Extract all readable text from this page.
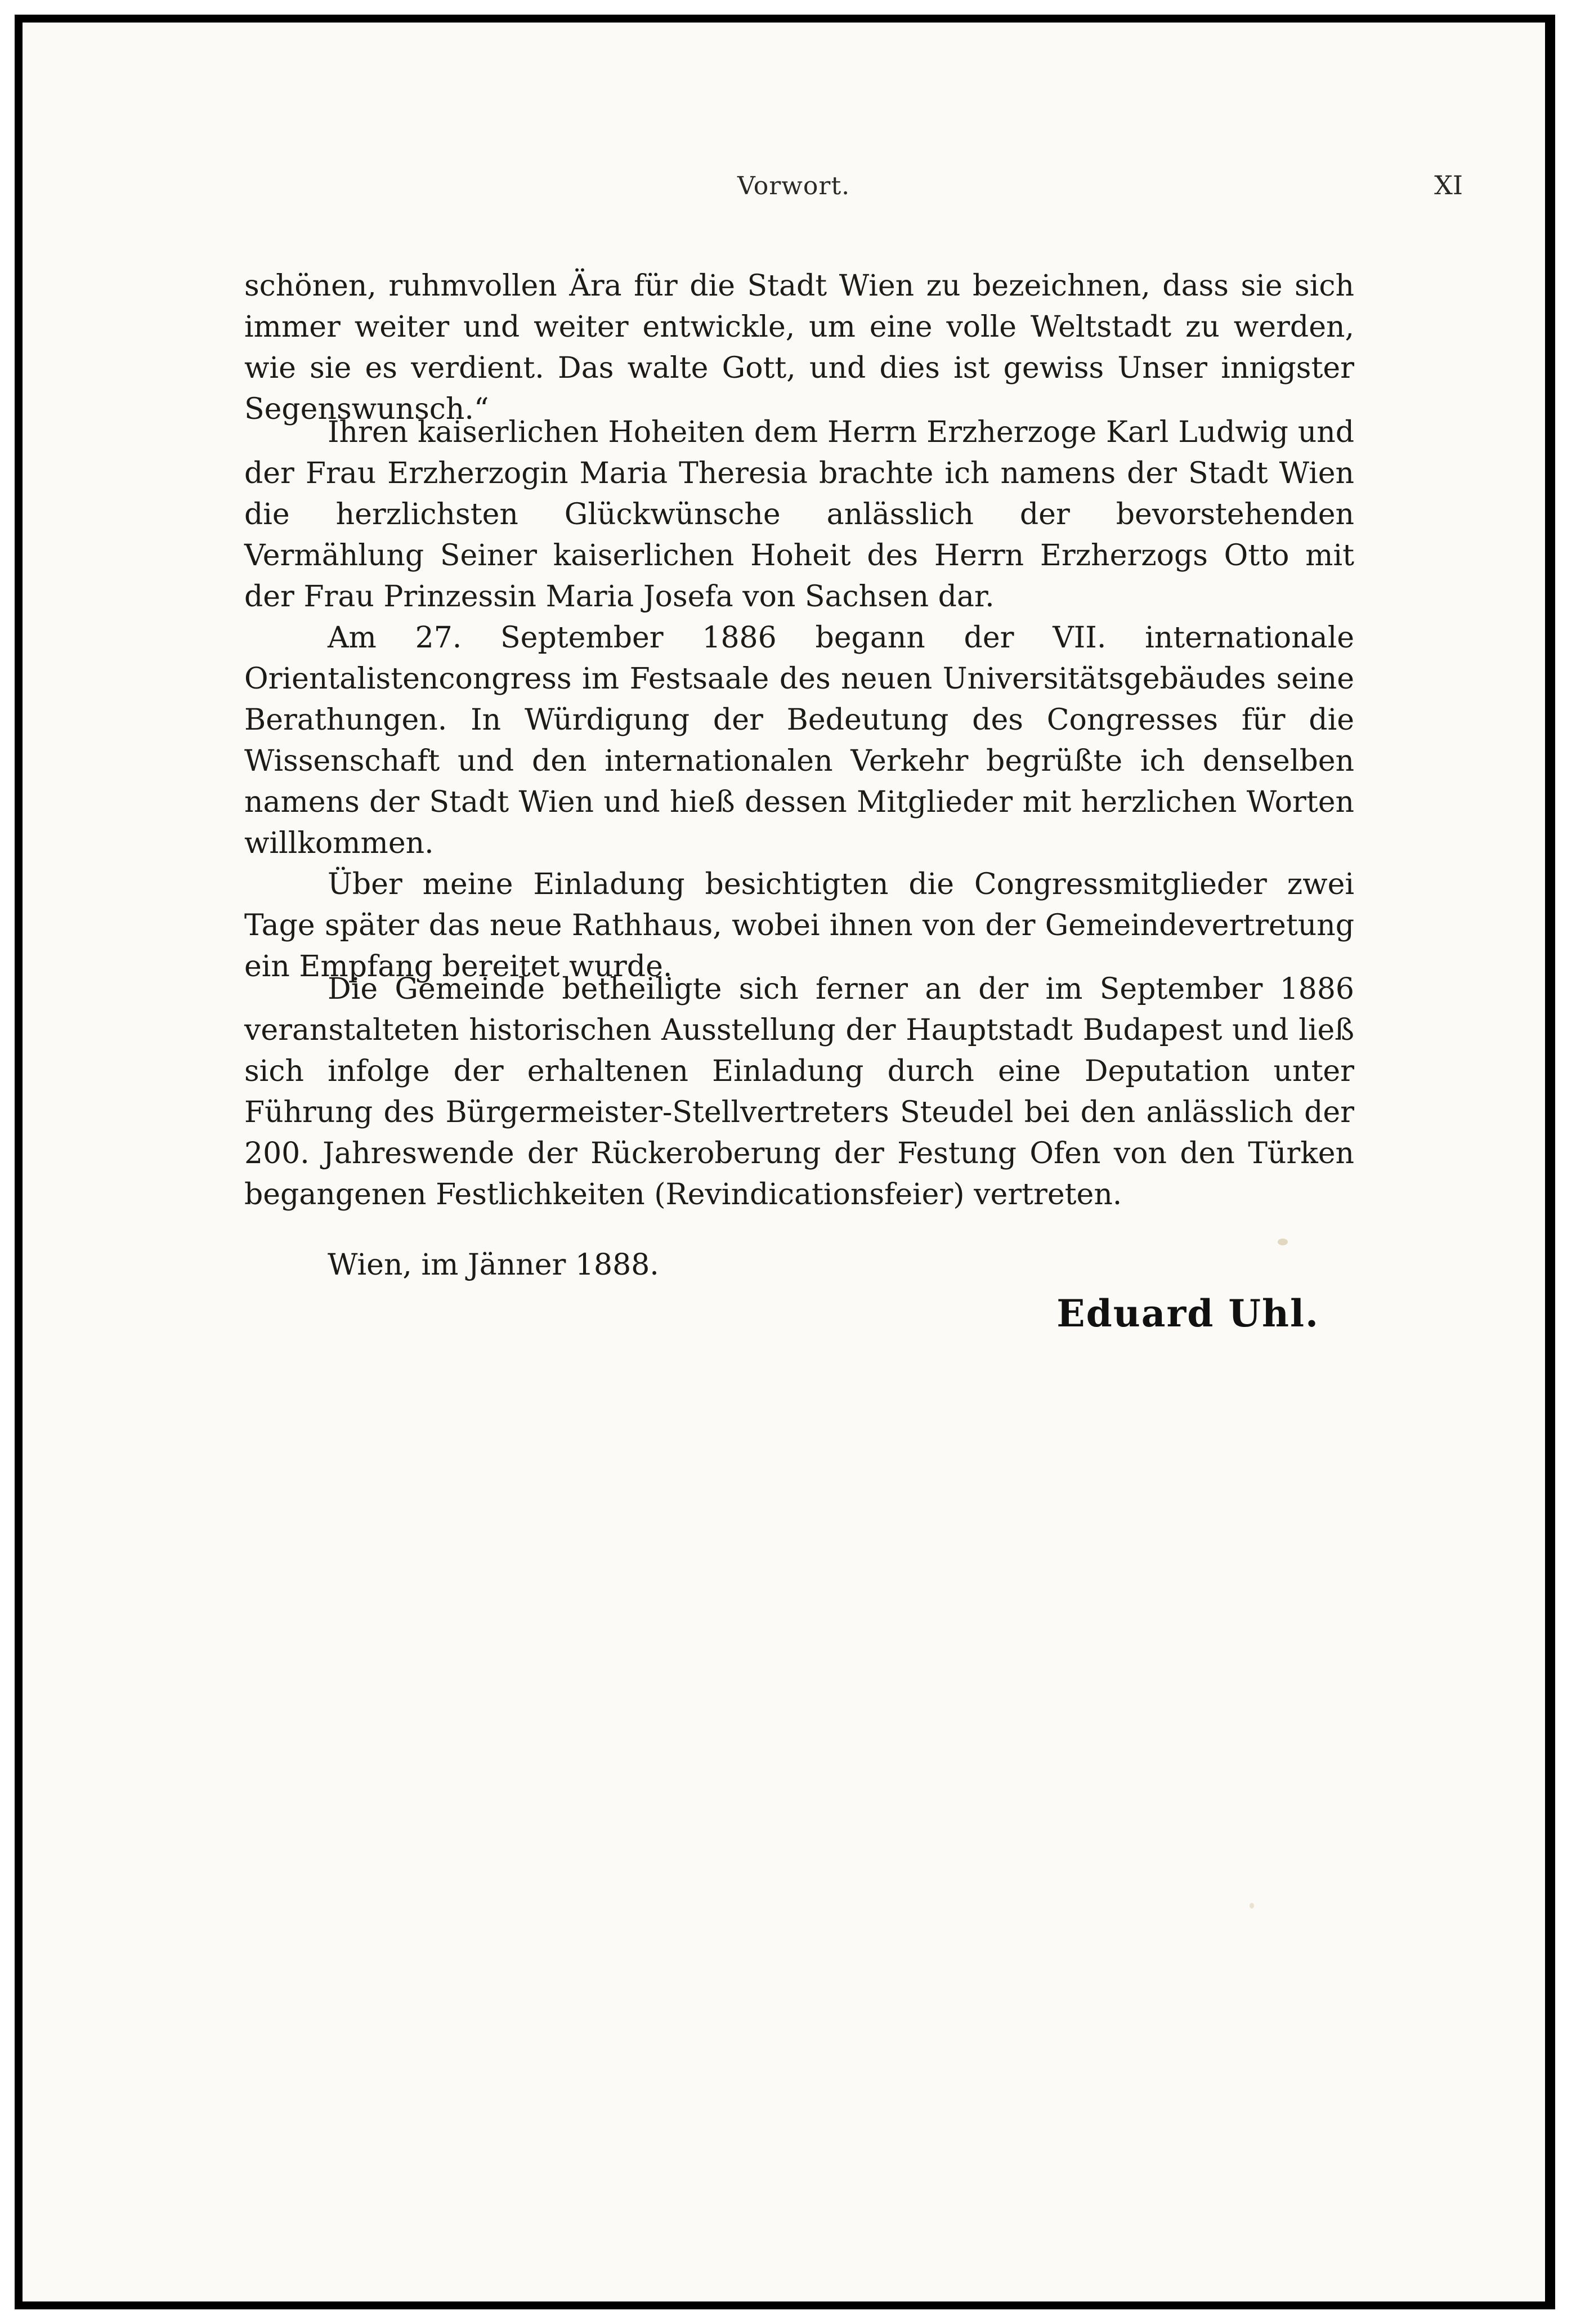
Vorwort.	XI

schönen, ruhmvollen Ära für die Stadt Wien zu bezeichnen, dass sie sich immer weiter und weiter entwickle, um eine volle Weltstadt zu werden, wie sie es verdient. Das walte Gott, und dies ist gewiss Unser innigster Segenswunsch.“

Ihren kaiserlichen Hoheiten dem Herrn Erzherzoge Karl Ludwig und der Frau Erzherzogin Maria Theresia brachte ich namens der Stadt Wien die herzlichsten Glückwünsche anlässlich der bevorstehenden Vermählung Seiner kaiserlichen Hoheit des Herrn Erzherzogs Otto mit der Frau Prinzessin Maria Josefa von Sachsen dar.

Am 27. September 1886 begann der VII. internationale Orientalistencongress im Festsaale des neuen Universitätsgebäudes seine Berathungen. In Würdigung der Bedeutung des Congresses für die Wissenschaft und den internationalen Verkehr begrüßte ich denselben namens der Stadt Wien und hieß dessen Mitglieder mit herzlichen Worten willkommen.

Über meine Einladung besichtigten die Congressmitglieder zwei Tage später das neue Rathhaus, wobei ihnen von der Gemeindevertretung ein Empfang bereitet wurde.

Die Gemeinde betheiligte sich ferner an der im September 1886 veranstalteten historischen Ausstellung der Hauptstadt Budapest und ließ sich infolge der erhaltenen Einladung durch eine Deputation unter Führung des Bürgermeister-Stellvertreters Steudel bei den anlässlich der 200. Jahreswende der Rückeroberung der Festung Ofen von den Türken begangenen Festlichkeiten (Revindicationsfeier) vertreten.

Wien, im Jänner 1888.
Eduard Uhl.
